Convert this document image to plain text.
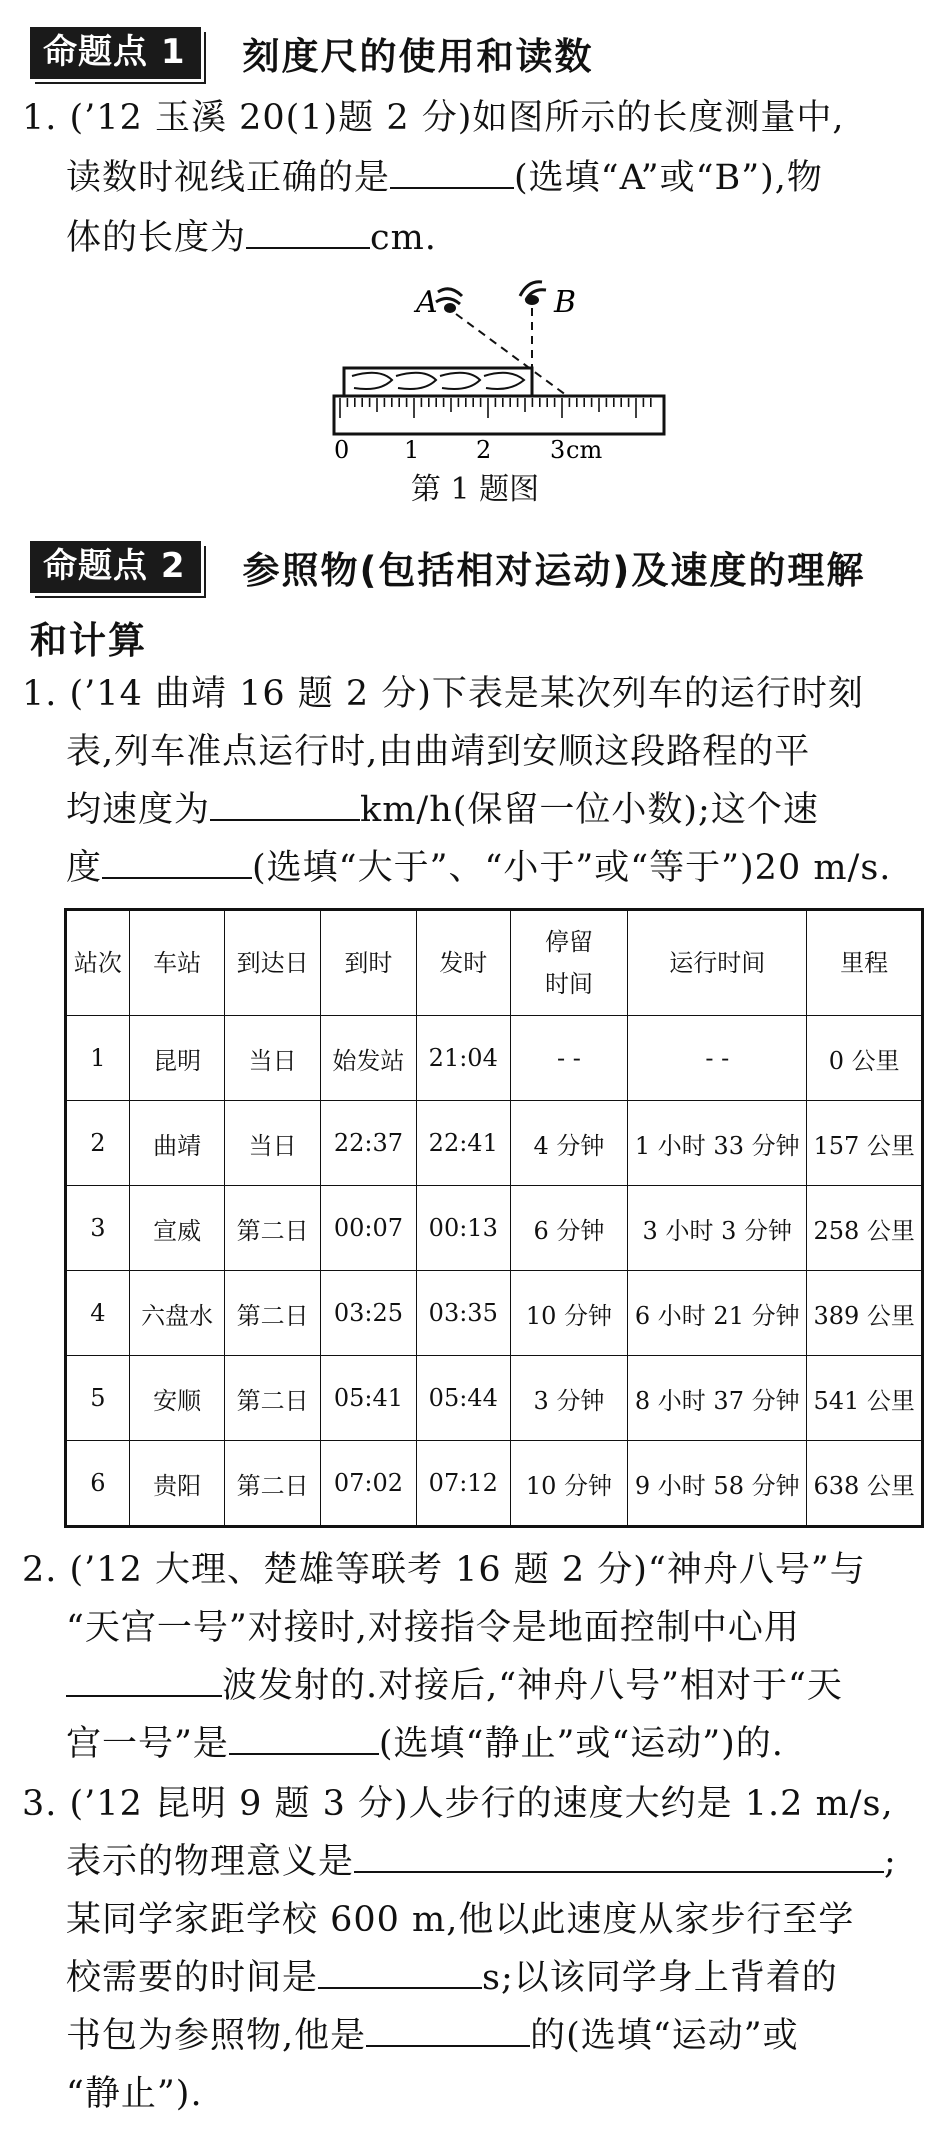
命题点 1	刻度尺的使用和读数
1. (’12 玉溪 20(1)题 2 分)如图所示的长度测量中,
读数时视线正确的是	(选填“A”或“B”),物
体的长度为	cm.
A	B
0 1 2 3 cm
第 1 题图
命题点 2	参照物(包括相对运动)及速度的理解
和计算
1. (’14 曲靖 16 题 2 分)下表是某次列车的运行时刻
表,列车准点运行时,由曲靖到安顺这段路程的平
均速度为	km/h(保留一位小数);这个速
度	(选填“大于”、“小于”或“等于”)20 m/s.
站次	车站	到达日	到时	发时	停留
时间	运行时间	里程
1	昆明	当日	始发站	21:04	- -	- -	0 公里
2	曲靖	当日	22:37	22:41	4 分钟	1 小时 33 分钟	157 公里
3	宣威	第二日	00:07	00:13	6 分钟	3 小时 3 分钟	258 公里
4	六盘水	第二日	03:25	03:35	10 分钟	6 小时 21 分钟	389 公里
5	安顺	第二日	05:41	05:44	3 分钟	8 小时 37 分钟	541 公里
6	贵阳	第二日	07:02	07:12	10 分钟	9 小时 58 分钟	638 公里
2. (’12 大理、楚雄等联考 16 题 2 分)“神舟八号”与
“天宫一号”对接时,对接指令是地面控制中心用
波发射的.对接后,“神舟八号”相对于“天
宫一号”是	(选填“静止”或“运动”)的.
3. (’12 昆明 9 题 3 分)人步行的速度大约是 1.2 m/s,
表示的物理意义是	;
某同学家距学校 600 m,他以此速度从家步行至学
校需要的时间是	s;以该同学身上背着的
书包为参照物,他是	的(选填“运动”或
“静止”).
